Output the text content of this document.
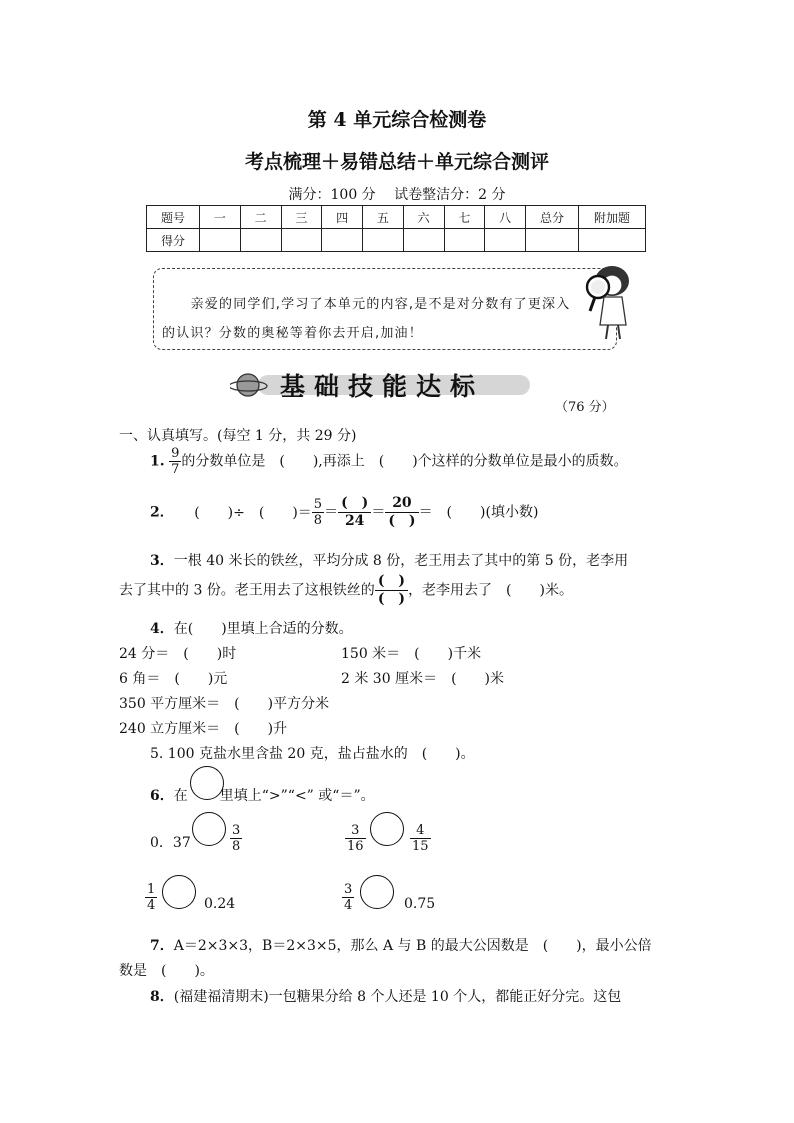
第 4 单元综合检测卷
考点梳理＋易错总结＋单元综合测评
满分：100 分　 试卷整洁分：2 分
题号	一	二	三	四	五	六	七	八	总分	附加题
得分										
亲爱的同学们,学习了本单元的内容,是不是对分数有了更深入的认识？分数的奥秘等着你去开启,加油！
基础技能达标
（76 分）
一、认真填写。(每空 1 分，共 29 分)
1. $\frac{9}{7}$ 的分数单位是　(　　),再添上　(　　)个这样的分数单位是最小的质数。
2． (　　)÷　(　　)＝ $\frac{5}{8}$ ＝
(　)
24
＝
20
(　)
＝　(　　)(填小数)
3．一根 40 米长的铁丝，平均分成 8 份，老王用去了其中的第 5 份，老李用
去了其中的 3 份。老王用去了这根铁丝的
(　)
(　)
，老李用去了　(　　)米。
4．在(　　)里填上合适的分数。
24 分＝　(　　)时	150 米＝　(　　)千米
6 角＝　(　　)元	2 米 30 厘米＝　(　　)米
350 平方厘米＝　(　　)平方分米
240 立方厘米＝　(　　)升
5. 100 克盐水里含盐 20 克，盐占盐水的　(　　)。
6．在 里填上“>”“<” 或“＝”。
0．37	$\frac{3}{8}$	$\frac{3}{16}$	$\frac{4}{15}$
$\frac{1}{4}$	0.24	$\frac{3}{4}$	0.75
7．A＝2×3×3，B＝2×3×5，那么 A 与 B 的最大公因数是　(　　)，最小公倍
数是　(　　)。
8．(福建福清期末)一包糖果分给 8 个人还是 10 个人，都能正好分完。这包
